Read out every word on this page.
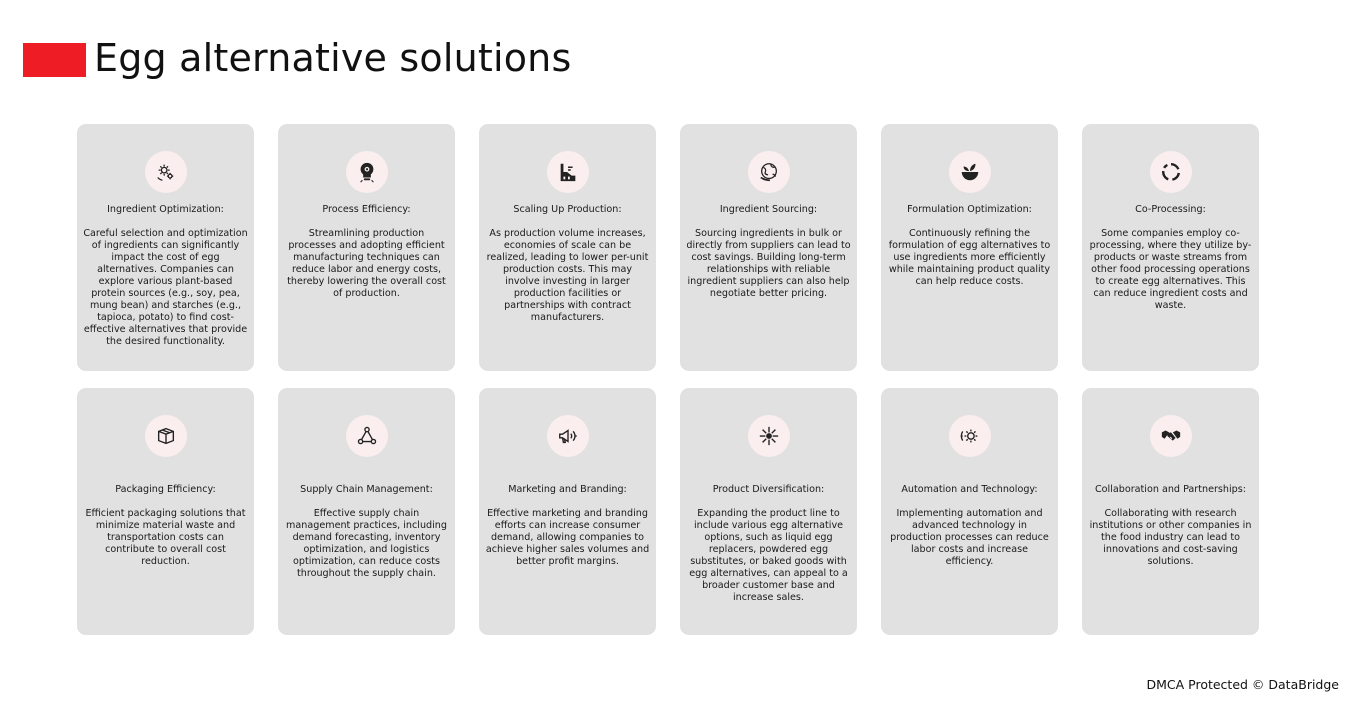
Egg alternative solutions
Ingredient Optimization:
Careful selection and optimization of ingredients can significantly impact the cost of egg alternatives. Companies can explore various plant-based protein sources (e.g., soy, pea, mung bean) and starches (e.g., tapioca, potato) to find cost-effective alternatives that provide the desired functionality.
Process Efficiency:
Streamlining production processes and adopting efficient manufacturing techniques can reduce labor and energy costs, thereby lowering the overall cost of production.
Scaling Up Production:
As production volume increases, economies of scale can be realized, leading to lower per-unit production costs. This may involve investing in larger production facilities or partnerships with contract manufacturers.
Ingredient Sourcing:
Sourcing ingredients in bulk or directly from suppliers can lead to cost savings. Building long-term relationships with reliable ingredient suppliers can also help negotiate better pricing.
Formulation Optimization:
Continuously refining the formulation of egg alternatives to use ingredients more efficiently while maintaining product quality can help reduce costs.
Co-Processing:
Some companies employ co-processing, where they utilize by-products or waste streams from other food processing operations to create egg alternatives. This can reduce ingredient costs and waste.
Packaging Efficiency:
Efficient packaging solutions that minimize material waste and transportation costs can contribute to overall cost reduction.
Supply Chain Management:
Effective supply chain management practices, including demand forecasting, inventory optimization, and logistics optimization, can reduce costs throughout the supply chain.
Marketing and Branding:
Effective marketing and branding efforts can increase consumer demand, allowing companies to achieve higher sales volumes and better profit margins.
Product Diversification:
Expanding the product line to include various egg alternative options, such as liquid egg replacers, powdered egg substitutes, or baked goods with egg alternatives, can appeal to a broader customer base and increase sales.
Automation and Technology:
Implementing automation and advanced technology in production processes can reduce labor costs and increase efficiency.
Collaboration and Partnerships:
Collaborating with research institutions or other companies in the food industry can lead to innovations and cost-saving solutions.
DMCA Protected © DataBridge
